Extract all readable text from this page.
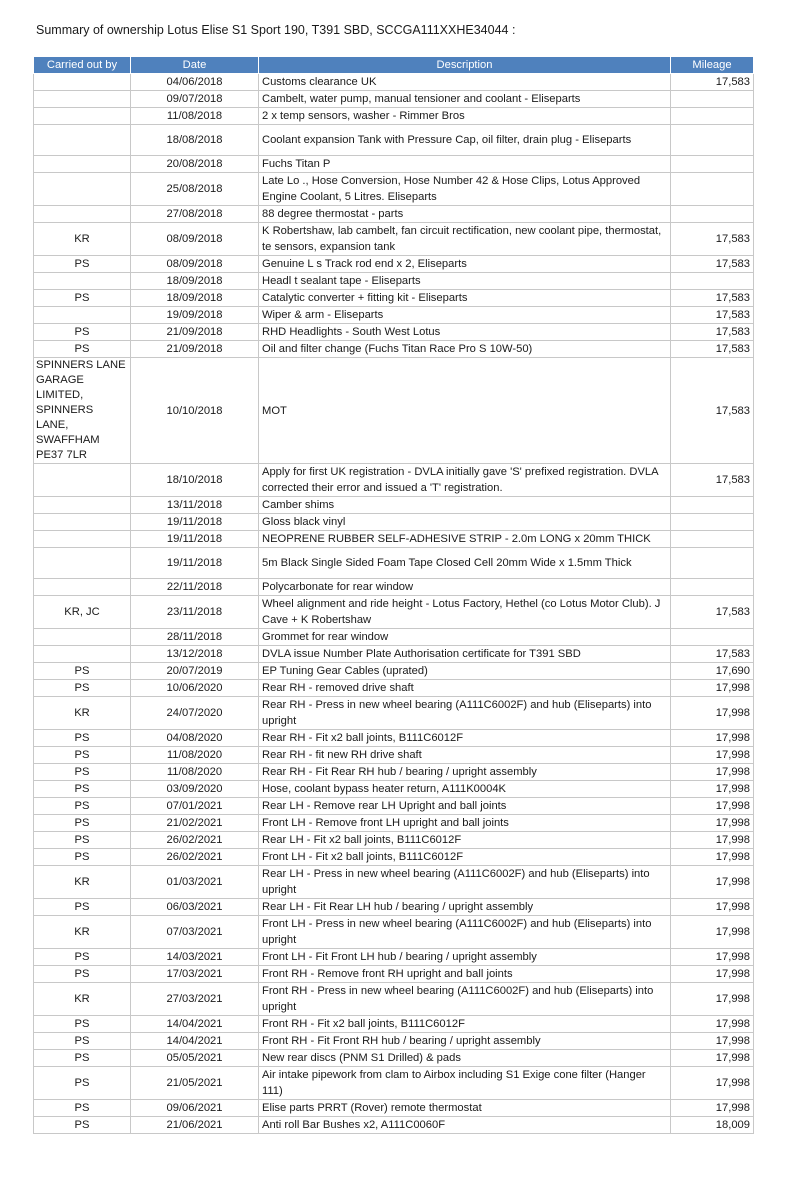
Summary of ownership Lotus Elise S1 Sport 190, T391 SBD, SCCGA111XXHE34044 :
Carried out by	Date	Description	Mileage
	04/06/2018	Customs clearance UK	17,583
	09/07/2018	Cambelt, water pump, manual tensioner and coolant - Eliseparts	
	11/08/2018	2 x temp sensors, washer - Rimmer Bros	
	18/08/2018	Coolant expansion Tank with Pressure Cap, oil filter, drain plug - Eliseparts	
	20/08/2018	Fuchs Titan P	
	25/08/2018	Late Lo ., Hose Conversion, Hose Number 42 & Hose Clips, Lotus Approved Engine Coolant, 5 Litres. Eliseparts	
	27/08/2018	88 degree thermostat - parts	
KR	08/09/2018	K Robertshaw, lab cambelt, fan circuit rectification, new coolant pipe, thermostat, te sensors, expansion tank	17,583
PS	08/09/2018	Genuine L s Track rod end x 2, Eliseparts	17,583
	18/09/2018	Headl t sealant tape - Eliseparts	
PS	18/09/2018	Catalytic converter + fitting kit - Eliseparts	17,583
	19/09/2018	Wiper & arm - Eliseparts	17,583
PS	21/09/2018	RHD Headlights - South West Lotus	17,583
PS	21/09/2018	Oil and filter change (Fuchs Titan Race Pro S 10W-50)	17,583
SPINNERS LANE GARAGE LIMITED, SPINNERS LANE, SWAFFHAM PE37 7LR	10/10/2018	MOT	17,583
	18/10/2018	Apply for first UK registration - DVLA initially gave 'S' prefixed registration. DVLA corrected their error and issued a 'T' registration.	17,583
	13/11/2018	Camber shims	
	19/11/2018	Gloss black vinyl	
	19/11/2018	NEOPRENE RUBBER SELF-ADHESIVE STRIP - 2.0m LONG x 20mm THICK	
	19/11/2018	5m Black Single Sided Foam Tape Closed Cell 20mm Wide x 1.5mm Thick	
	22/11/2018	Polycarbonate for rear window	
KR, JC	23/11/2018	Wheel alignment and ride height - Lotus Factory, Hethel (co Lotus Motor Club). J Cave + K Robertshaw	17,583
	28/11/2018	Grommet for rear window	
	13/12/2018	DVLA issue Number Plate Authorisation certificate for T391 SBD	17,583
PS	20/07/2019	EP Tuning Gear Cables (uprated)	17,690
PS	10/06/2020	Rear RH - removed drive shaft	17,998
KR	24/07/2020	Rear RH - Press in new wheel bearing (A111C6002F) and hub (Eliseparts) into upright	17,998
PS	04/08/2020	Rear RH - Fit x2 ball joints, B111C6012F	17,998
PS	11/08/2020	Rear RH - fit new RH drive shaft	17,998
PS	11/08/2020	Rear RH - Fit Rear RH hub / bearing / upright assembly	17,998
PS	03/09/2020	Hose, coolant bypass heater return, A111K0004K	17,998
PS	07/01/2021	Rear LH - Remove rear LH Upright and ball joints	17,998
PS	21/02/2021	Front LH - Remove front LH upright and ball joints	17,998
PS	26/02/2021	Rear LH - Fit x2 ball joints, B111C6012F	17,998
PS	26/02/2021	Front LH - Fit x2 ball joints, B111C6012F	17,998
KR	01/03/2021	Rear LH - Press in new wheel bearing (A111C6002F) and hub (Eliseparts) into upright	17,998
PS	06/03/2021	Rear LH - Fit Rear LH hub / bearing / upright assembly	17,998
KR	07/03/2021	Front LH - Press in new wheel bearing (A111C6002F) and hub (Eliseparts) into upright	17,998
PS	14/03/2021	Front LH - Fit Front LH hub / bearing / upright assembly	17,998
PS	17/03/2021	Front RH - Remove front RH upright and ball joints	17,998
KR	27/03/2021	Front RH - Press in new wheel bearing (A111C6002F) and hub (Eliseparts) into upright	17,998
PS	14/04/2021	Front RH - Fit x2 ball joints, B111C6012F	17,998
PS	14/04/2021	Front RH - Fit Front RH hub / bearing / upright assembly	17,998
PS	05/05/2021	New rear discs (PNM S1 Drilled) & pads	17,998
PS	21/05/2021	Air intake pipework from clam to Airbox including S1 Exige cone filter (Hanger 111)	17,998
PS	09/06/2021	Elise parts PRRT (Rover) remote thermostat	17,998
PS	21/06/2021	Anti roll Bar Bushes x2, A111C0060F	18,009
